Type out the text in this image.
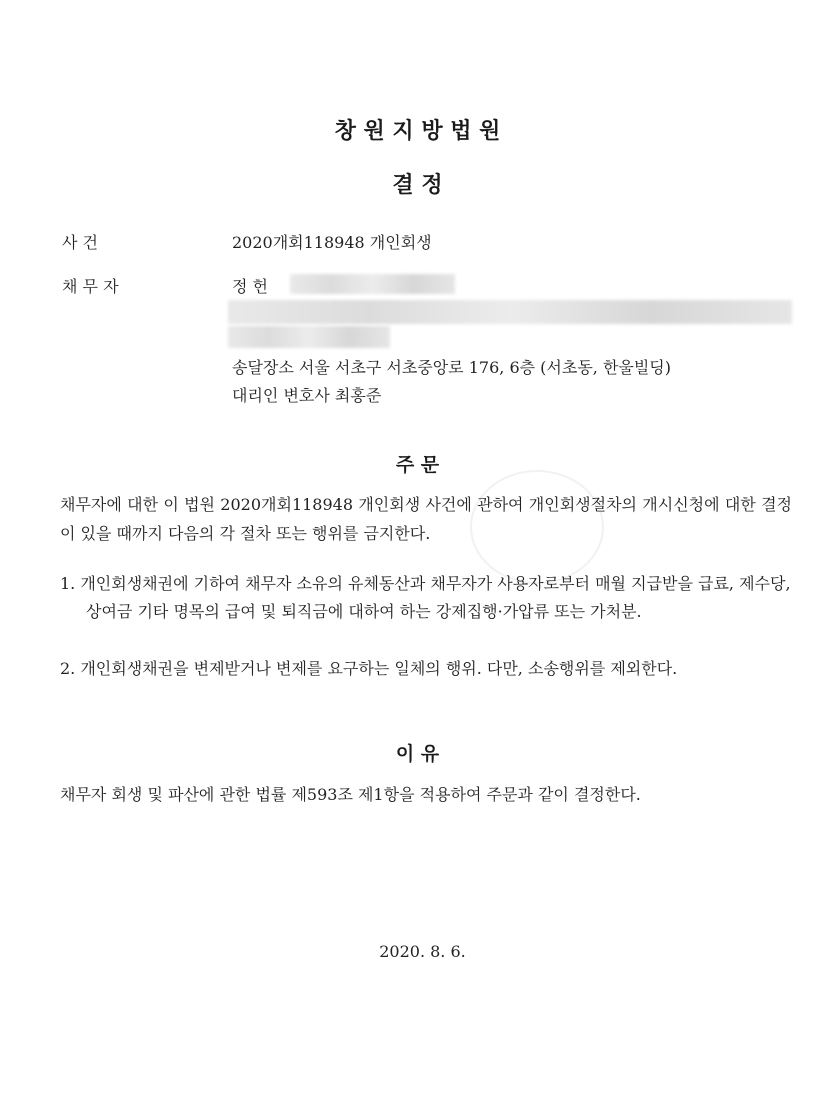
창 원 지 방 법 원
결 정
사 건	2020개회118948 개인회생
채 무 자	정 헌
송달장소 서울 서초구 서초중앙로 176, 6층 (서초동, 한울빌딩)
대리인 변호사 최홍준
주 문
채무자에 대한 이 법원 2020개회118948 개인회생 사건에 관하여 개인회생절차의 개시신청에 대한 결정이 있을 때까지 다음의 각 절차 또는 행위를 금지한다.
1. 개인회생채권에 기하여 채무자 소유의 유체동산과 채무자가 사용자로부터 매월 지급받을 급료, 제수당, 상여금 기타 명목의 급여 및 퇴직금에 대하여 하는 강제집행·가압류 또는 가처분.
2. 개인회생채권을 변제받거나 변제를 요구하는 일체의 행위. 다만, 소송행위를 제외한다.
이 유
채무자 회생 및 파산에 관한 법률 제593조 제1항을 적용하여 주문과 같이 결정한다.
2020. 8. 6.
